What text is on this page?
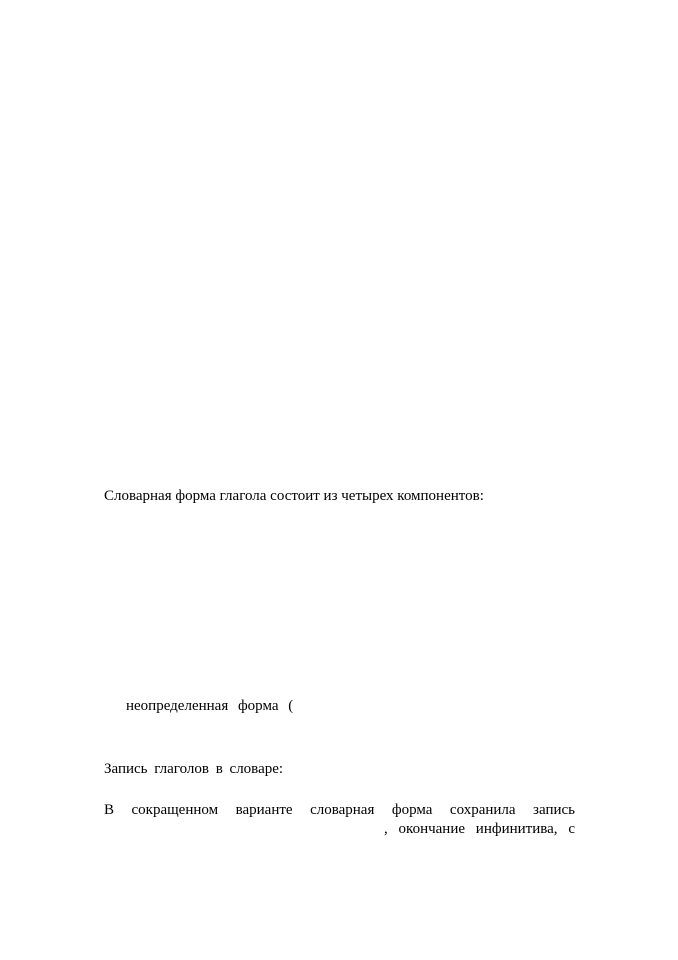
Словарная форма глагола состоит из четырех компонентов:

неопределенная форма (

Запись глаголов в словаре:

В сокращенном варианте словарная форма сохранила запись

, окончание инфинитива, с
